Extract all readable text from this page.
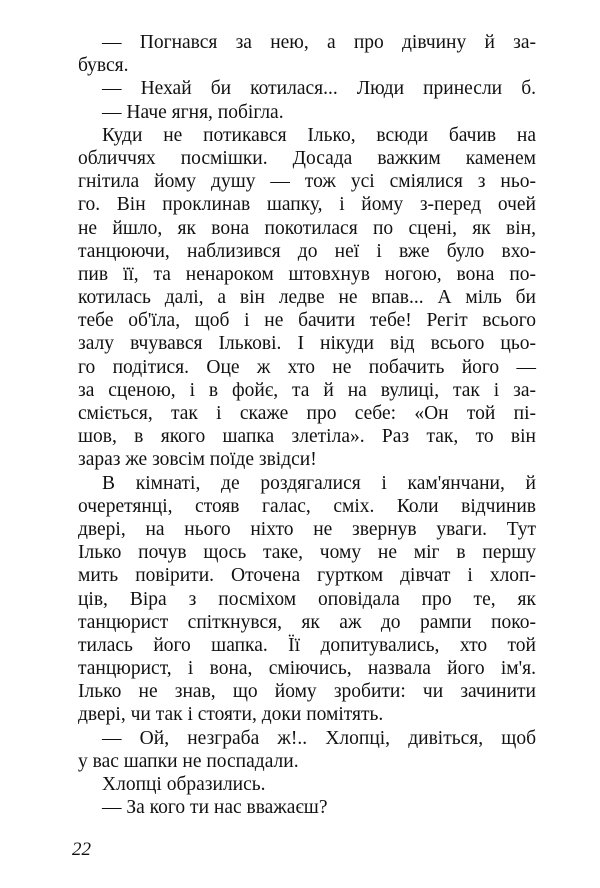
— Погнався за нею, а про дівчину й за-
бувся.
— Нехай би котилася... Люди принесли б.
— Наче ягня, побігла.
Куди не потикався Ілько, всюди бачив на
обличчях посмішки. Досада важким каменем
гнітила йому душу — тож усі сміялися з ньо-
го. Він проклинав шапку, і йому з-перед очей
не йшло, як вона покотилася по сцені, як він,
танцюючи, наблизився до неї і вже було вхо-
пив її, та ненароком штовхнув ногою, вона по-
котилась далі, а він ледве не впав... А міль би
тебе об'їла, щоб і не бачити тебе! Регіт всього
залу вчувався Ількові. І нікуди від всього цьо-
го подітися. Оце ж хто не побачить його —
за сценою, і в фойє, та й на вулиці, так і за-
сміється, так і скаже про себе: «Он той пі-
шов, в якого шапка злетіла». Раз так, то він
зараз же зовсім поїде звідси!
В кімнаті, де роздягалися і кам'янчани, й
очеретянці, стояв галас, сміх. Коли відчинив
двері, на нього ніхто не звернув уваги. Тут
Ілько почув щось таке, чому не міг в першу
мить повірити. Оточена гуртком дівчат і хлоп-
ців, Віра з посміхом оповідала про те, як
танцюрист спіткнувся, як аж до рампи поко-
тилась його шапка. Її допитувались, хто той
танцюрист, і вона, сміючись, назвала його ім'я.
Ілько не знав, що йому зробити: чи зачинити
двері, чи так і стояти, доки помітять.
— Ой, незграба ж!.. Хлопці, дивіться, щоб
у вас шапки не поспадали.
Хлопці образились.
— За кого ти нас вважаєш?
22
